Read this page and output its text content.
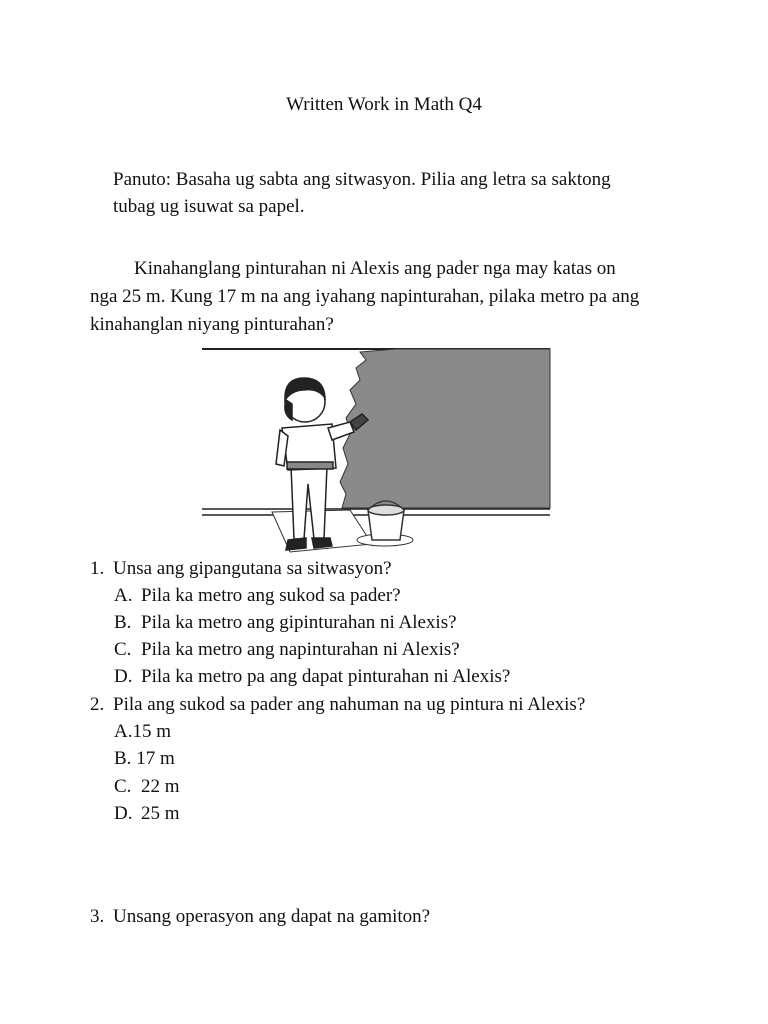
Written Work in Math Q4
Panuto: Basaha ug sabta ang sitwasyon. Pilia ang letra sa saktong
tubag ug isuwat sa papel.
Kinahanglang pinturahan ni Alexis ang pader nga may katas on
nga 25 m. Kung 17 m na ang iyahang napinturahan, pilaka metro pa ang
kinahanglan niyang pinturahan?
1. Unsa ang gipangutana sa sitwasyon?
A. Pila ka metro ang sukod sa pader?
B. Pila ka metro ang gipinturahan ni Alexis?
C. Pila ka metro ang napinturahan ni Alexis?
D. Pila ka metro pa ang dapat pinturahan ni Alexis?
2. Pila ang sukod sa pader ang nahuman na ug pintura ni Alexis?
A.15 m
B. 17 m
C. 22 m
D. 25 m
3. Unsang operasyon ang dapat na gamiton?
